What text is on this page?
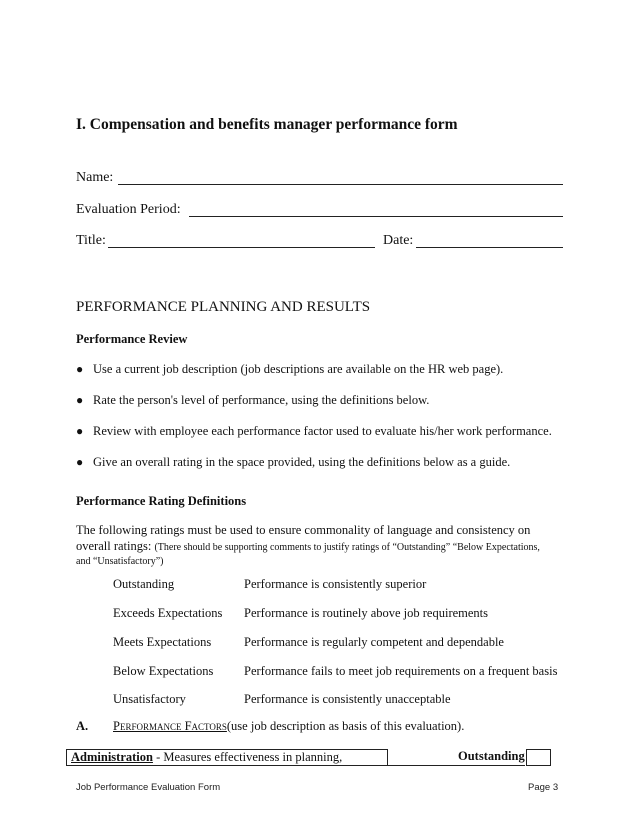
I. Compensation and benefits manager performance form
Name:
Evaluation Period:
Title:	Date:
PERFORMANCE PLANNING AND RESULTS
Performance Review
● Use a current job description (job descriptions are available on the HR web page).
● Rate the person's level of performance, using the definitions below.
● Review with employee each performance factor used to evaluate his/her work performance.
● Give an overall rating in the space provided, using the definitions below as a guide.
Performance Rating Definitions
The following ratings must be used to ensure commonality of language and consistency on
overall ratings: (There should be supporting comments to justify ratings of “Outstanding” “Below Expectations,
and “Unsatisfactory”)
Outstanding	Performance is consistently superior
Exceeds Expectations Performance is routinely above job requirements
Meets Expectations	Performance is regularly competent and dependable
Below Expectations Performance fails to meet job requirements on a frequent basis
Unsatisfactory	Performance is consistently unacceptable
A. Performance Factors(use job description as basis of this evaluation).
Administration - Measures effectiveness in planning,	Outstanding
Job Performance Evaluation Form	Page 3
